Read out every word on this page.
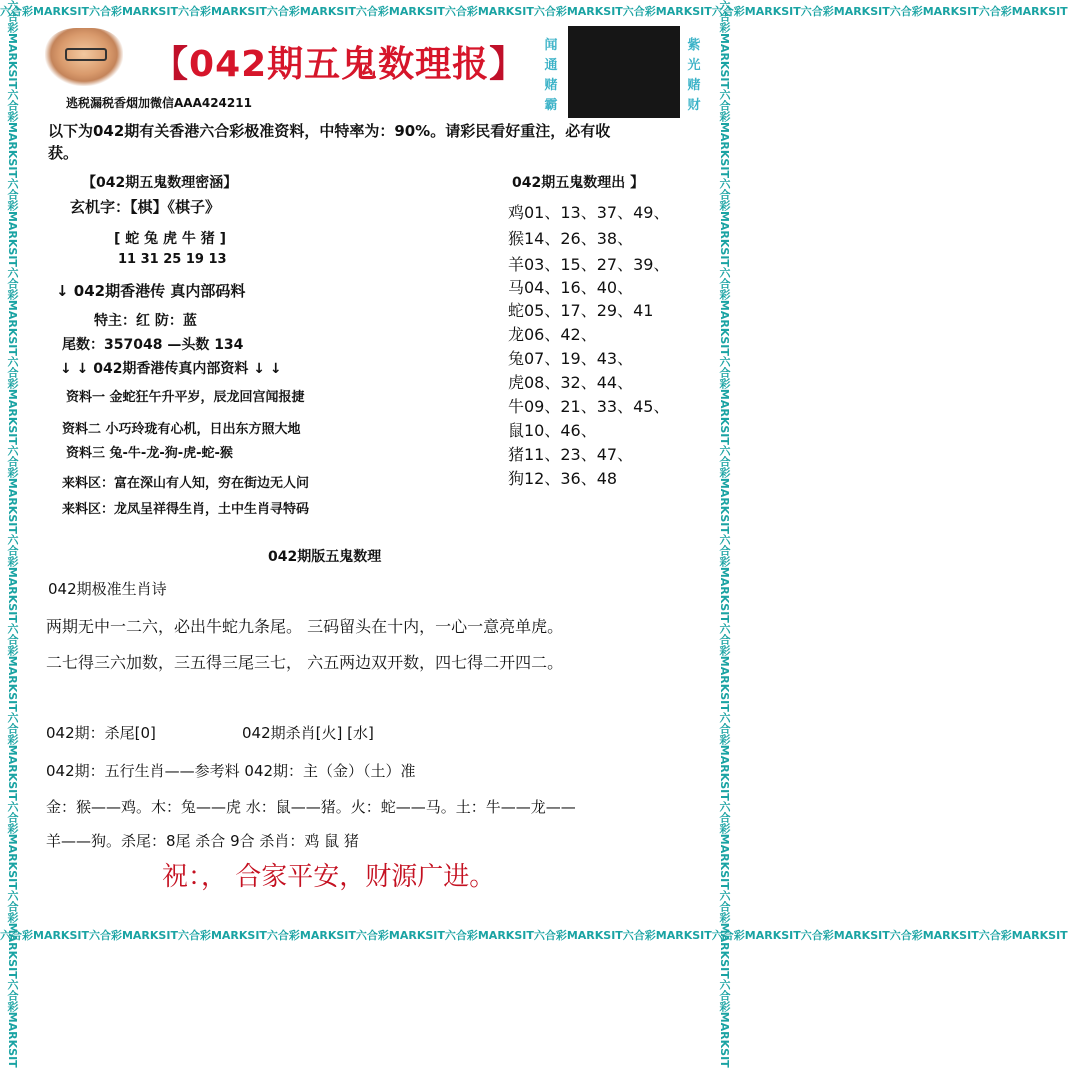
六合彩MARKSIT六合彩MARKSIT六合彩MARKSIT六合彩MARKSIT六合彩MARKSIT六合彩MARKSIT六合彩MARKSIT六合彩MARKSIT六合彩MARKSIT六合彩MARKSIT六合彩MARKSIT六合彩MARKSIT
六合彩MARKSIT六合彩MARKSIT六合彩MARKSIT六合彩MARKSIT六合彩MARKSIT六合彩MARKSIT六合彩MARKSIT六合彩MARKSIT六合彩MARKSIT六合彩MARKSIT六合彩MARKSIT六合彩MARKSIT
六合彩MARKSIT六合彩MARKSIT六合彩MARKSIT六合彩MARKSIT六合彩MARKSIT六合彩MARKSIT六合彩MARKSIT六合彩MARKSIT六合彩MARKSIT六合彩MARKSIT六合彩MARKSIT六合彩MARKSIT	六合彩MARKSIT六合彩MARKSIT六合彩MARKSIT六合彩MARKSIT六合彩MARKSIT六合彩MARKSIT六合彩MARKSIT六合彩MARKSIT六合彩MARKSIT六合彩MARKSIT六合彩MARKSIT六合彩MARKSIT
【042期五鬼数理报】	闻通赌霸
紫光赌财
逃税漏税香烟加微信AAA424211
以下为042期有关香港六合彩极准资料，中特率为：90%。请彩民看好重注，必有收
获。
【042期五鬼数理密涵】
玄机字：【棋】《棋子》
[ 蛇 兔 虎 牛 猪 ]
11 31 25 19 13
↓ 042期香港传 真内部码料
特主：红 防：蓝
尾数：357048 —头数 134
↓ ↓ 042期香港传真内部资料 ↓ ↓
资料一 金蛇狂午升平岁，辰龙回宫闻报捷
资料二 小巧玲珑有心机，日出东方照大地
资料三 兔-牛-龙-狗-虎-蛇-猴
来料区：富在深山有人知，穷在街边无人问
来料区：龙凤呈祥得生肖，土中生肖寻特码
042期五鬼数理出 】
鸡01、13、37、49、
猴14、26、38、
羊03、15、27、39、
马04、16、40、
蛇05、17、29、41
龙06、42、
兔07、19、43、
虎08、32、44、
牛09、21、33、45、
鼠10、46、
猪11、23、47、
狗12、36、48
042期版五鬼数理
042期极准生肖诗
两期无中一二六，必出牛蛇九条尾。 三码留头在十内，一心一意亮单虎。
二七得三六加数，三五得三尾三七， 六五两边双开数，四七得二开四二。
042期：杀尾[0]	042期杀肖[火] [水]
042期：五行生肖——参考料 042期：主（金）（土）准
金：猴——鸡。木：兔——虎 水：鼠——猪。火：蛇——马。土：牛——龙——
羊——狗。杀尾：8尾 杀合 9合 杀肖：鸡 鼠 猪
祝：， 合家平安，财源广进。
